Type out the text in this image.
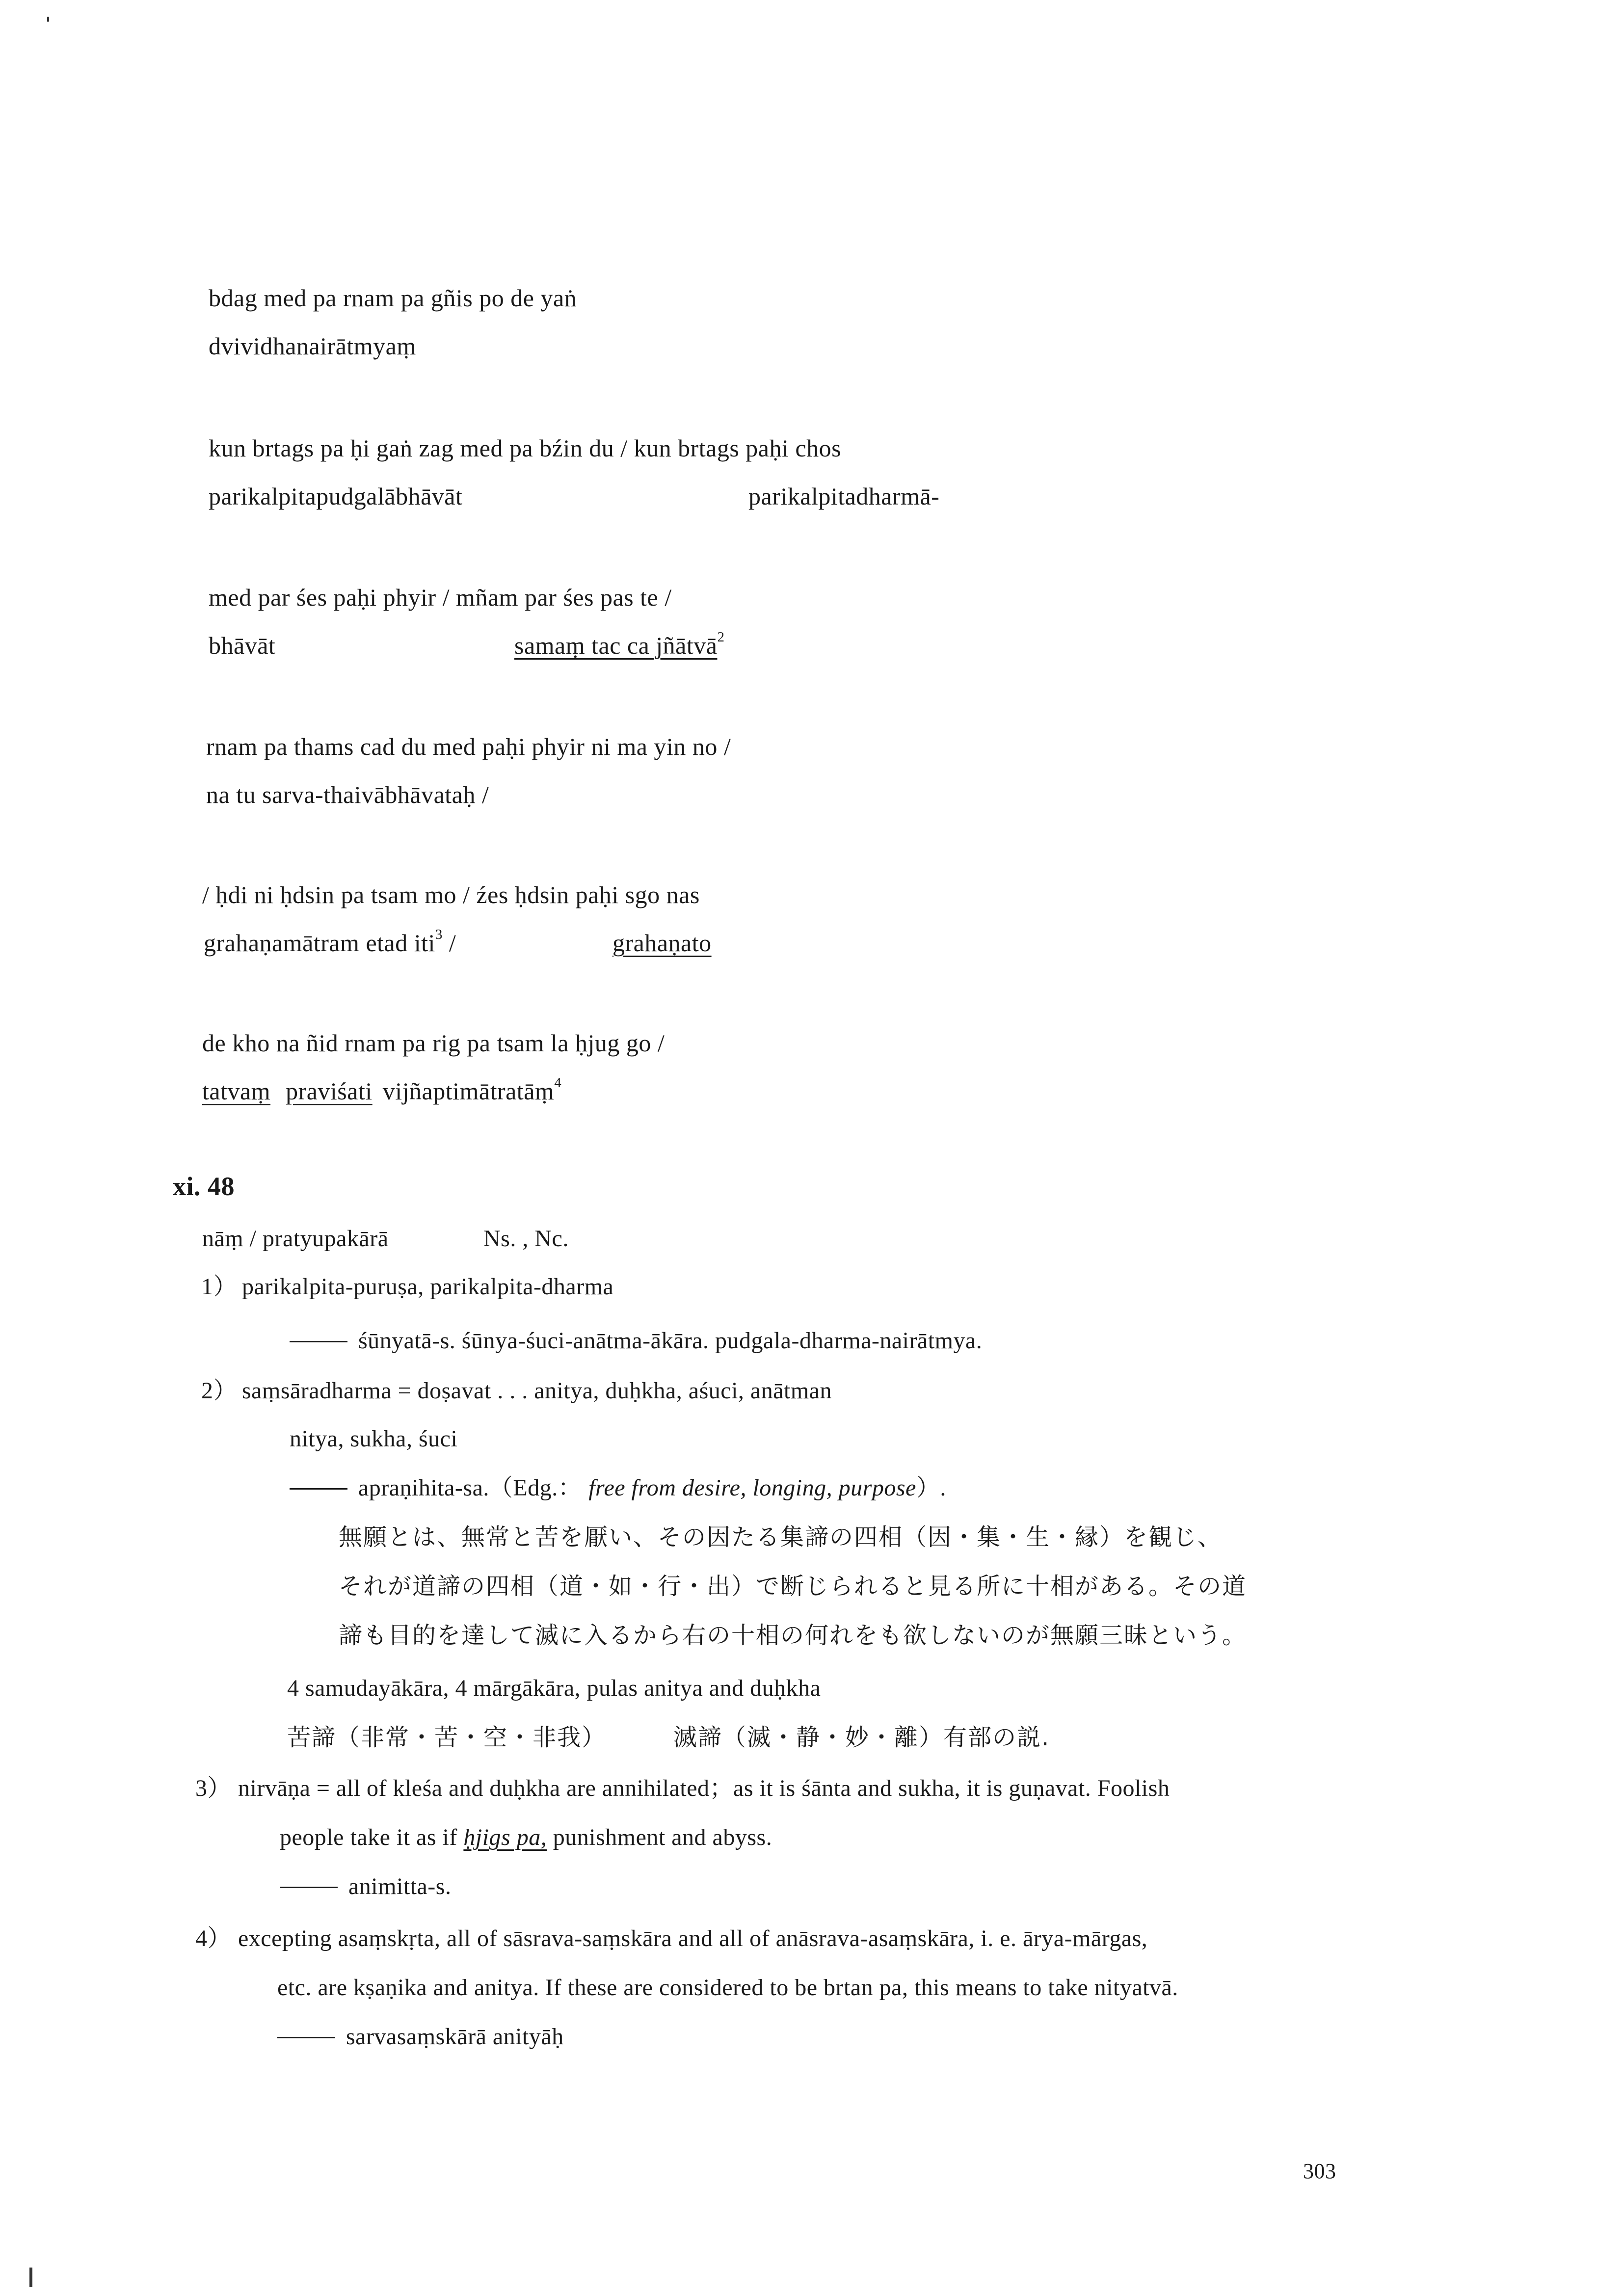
bdag med pa rnam pa gñis po de yaṅ
dvividhanairātmyaṃ
kun brtags pa ḥi gaṅ zag med pa bźin du / kun brtags paḥi chos
parikalpitapudgalābhāvāt	parikalpitadharmā-
med par śes paḥi phyir / mñam par śes pas te /
bhāvāt	samaṃ tac ca jñātvā$^2$
rnam pa thams cad du med paḥi phyir ni ma yin no /
na tu sarva-thaivābhāvataḥ /
/ ḥdi ni ḥdsin pa tsam mo / źes ḥdsin paḥi sgo nas
grahaṇamātram etad iti$^3$ /	grahaṇato
de kho na ñid rnam pa rig pa tsam la ḥjug go /
tatvaṃ praviśati vijñaptimātratāṃ$^4$
xi. 48
nāṃ / pratyupakārā	Ns. , Nc.
1） parikalpita-puruṣa, parikalpita-dharma
śūnyatā-s. śūnya-śuci-anātma-ākāra. pudgala-dharma-nairātmya.
2） saṃsāradharma = doṣavat . . . anitya, duḥkha, aśuci, anātman
nitya, sukha, śuci
apraṇihita-sa.（Edg.： free from desire, longing, purpose）.
無願とは、無常と苦を厭い、その因たる集諦の四相（因・集・生・縁）を観じ、
それが道諦の四相（道・如・行・出）で断じられると見る所に十相がある。その道
諦も目的を達して滅に入るから右の十相の何れをも欲しないのが無願三昧という。
4 samudayākāra, 4 mārgākāra, pulas anitya and duḥkha
苦諦（非常・苦・空・非我）	滅諦（滅・静・妙・離）有部の説.
3） nirvāṇa = all of kleśa and duḥkha are annihilated；as it is śānta and sukha, it is guṇavat. Foolish
people take it as if ḥjigs pa, punishment and abyss.
animitta-s.
4） excepting asaṃskṛta, all of sāsrava-saṃskāra and all of anāsrava-asaṃskāra, i. e. ārya-mārgas,
etc. are kṣaṇika and anitya. If these are considered to be brtan pa, this means to take nityatvā.
sarvasaṃskārā anityāḥ
303
